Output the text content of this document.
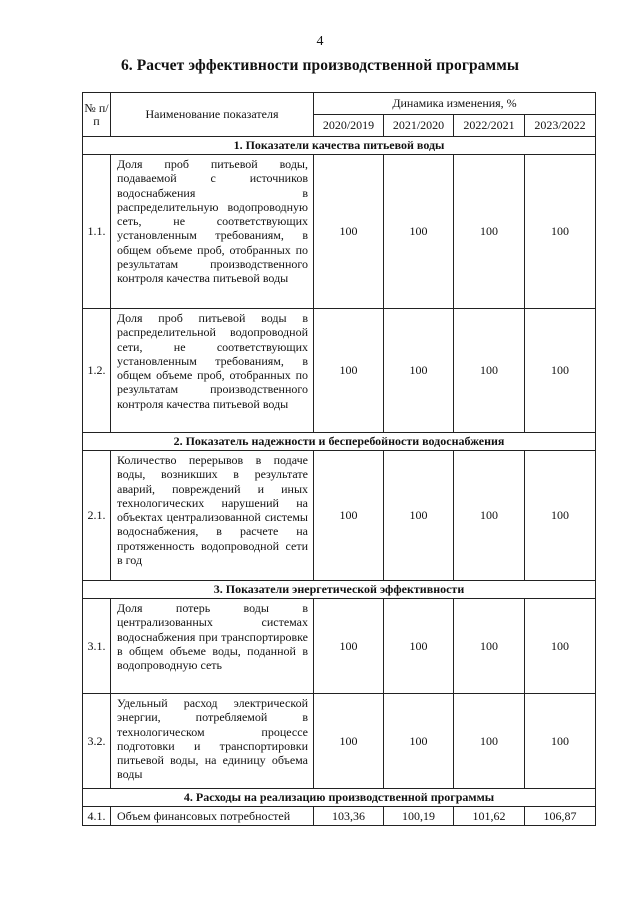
4
6. Расчет эффективности производственной программы
№ п/п	Наименование показателя	Динамика изменения, %			
		2020/2019	2021/2020	2022/2021	2023/2022
1. Показатели качества питьевой воды					
1.1.	Доля проб питьевой воды, подаваемой с источников водоснабжения в распределительную водопроводную сеть, не соответствующих установленным требованиям, в общем объеме проб, отобранных по результатам производственного контроля качества питьевой воды	100	100	100	100
1.2.	Доля проб питьевой воды в распределительной водопроводной сети, не соответствующих установленным требованиям, в общем объеме проб, отобранных по результатам производственного контроля качества питьевой воды	100	100	100	100
2. Показатель надежности и бесперебойности водоснабжения					
2.1.	Количество перерывов в подаче воды, возникших в результате аварий, повреждений и иных технологических нарушений на объектах централизованной системы водоснабжения, в расчете на протяженность водопроводной сети в год	100	100	100	100
3. Показатели энергетической эффективности					
3.1.	Доля потерь воды в централизованных системах водоснабжения при транспортировке в общем объеме воды, поданной в водопроводную сеть	100	100	100	100
3.2.	Удельный расход электрической энергии, потребляемой в технологическом процессе подготовки и транспортировки питьевой воды, на единицу объема воды	100	100	100	100
4. Расходы на реализацию производственной программы					
4.1.	Объем финансовых потребностей	103,36	100,19	101,62	106,87
